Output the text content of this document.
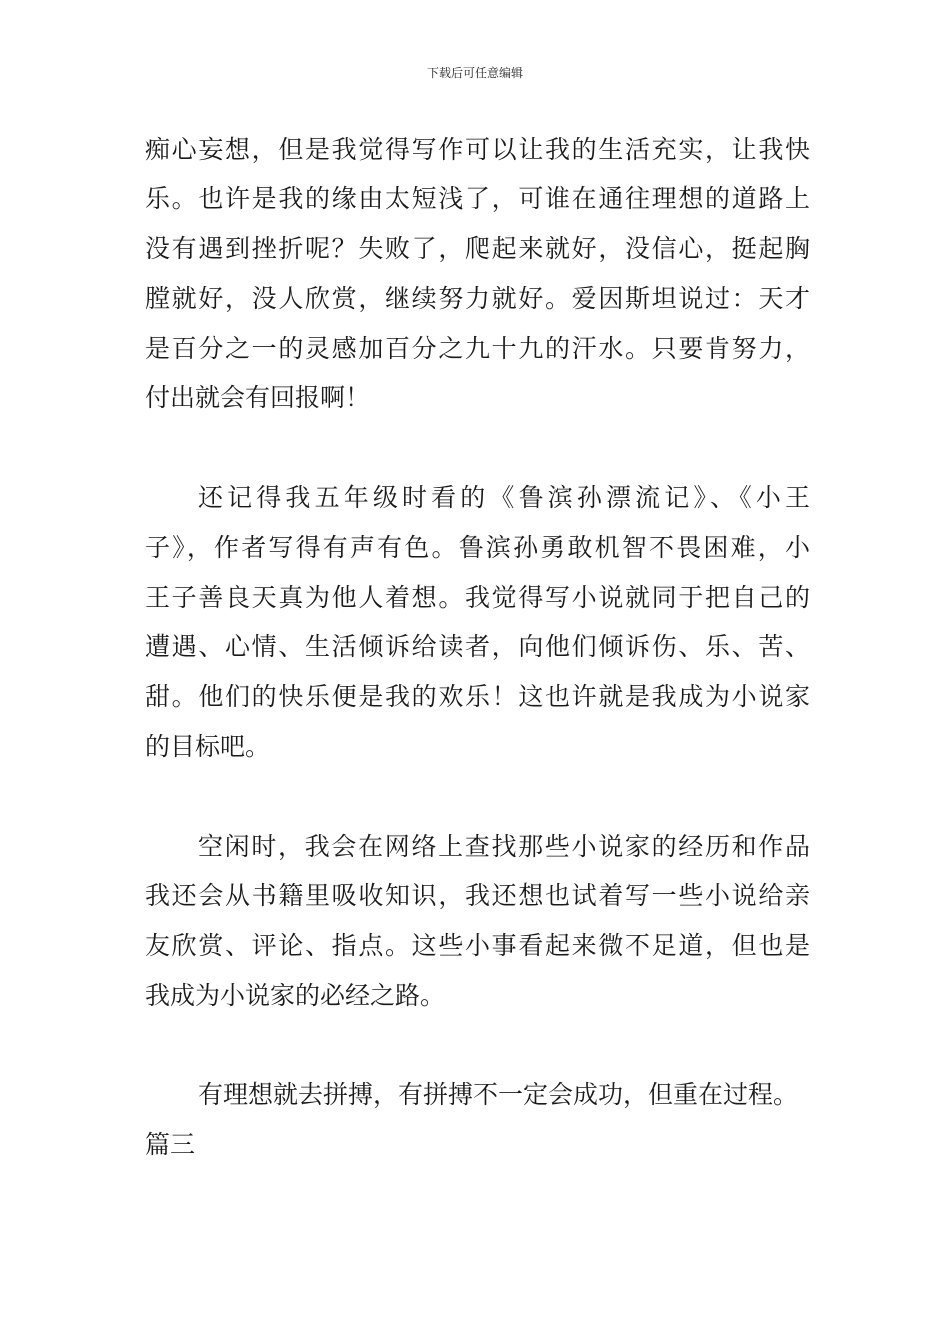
下载后可任意编辑
痴心妄想，但是我觉得写作可以让我的生活充实，让我快
乐。也许是我的缘由太短浅了，可谁在通往理想的道路上
没有遇到挫折呢？失败了，爬起来就好，没信心，挺起胸
膛就好，没人欣赏，继续努力就好。爱因斯坦说过：天才
是百分之一的灵感加百分之九十九的汗水。只要肯努力，
付出就会有回报啊！
还记得我五年级时看的《鲁滨孙漂流记》、《小王
子》，作者写得有声有色。鲁滨孙勇敢机智不畏困难，小
王子善良天真为他人着想。我觉得写小说就同于把自己的
遭遇、心情、生活倾诉给读者，向他们倾诉伤、乐、苦、
甜。他们的快乐便是我的欢乐！这也许就是我成为小说家
的目标吧。
空闲时，我会在网络上查找那些小说家的经历和作品
我还会从书籍里吸收知识，我还想也试着写一些小说给亲
友欣赏、评论、指点。这些小事看起来微不足道，但也是
我成为小说家的必经之路。
有理想就去拼搏，有拼搏不一定会成功，但重在过程。
篇三
